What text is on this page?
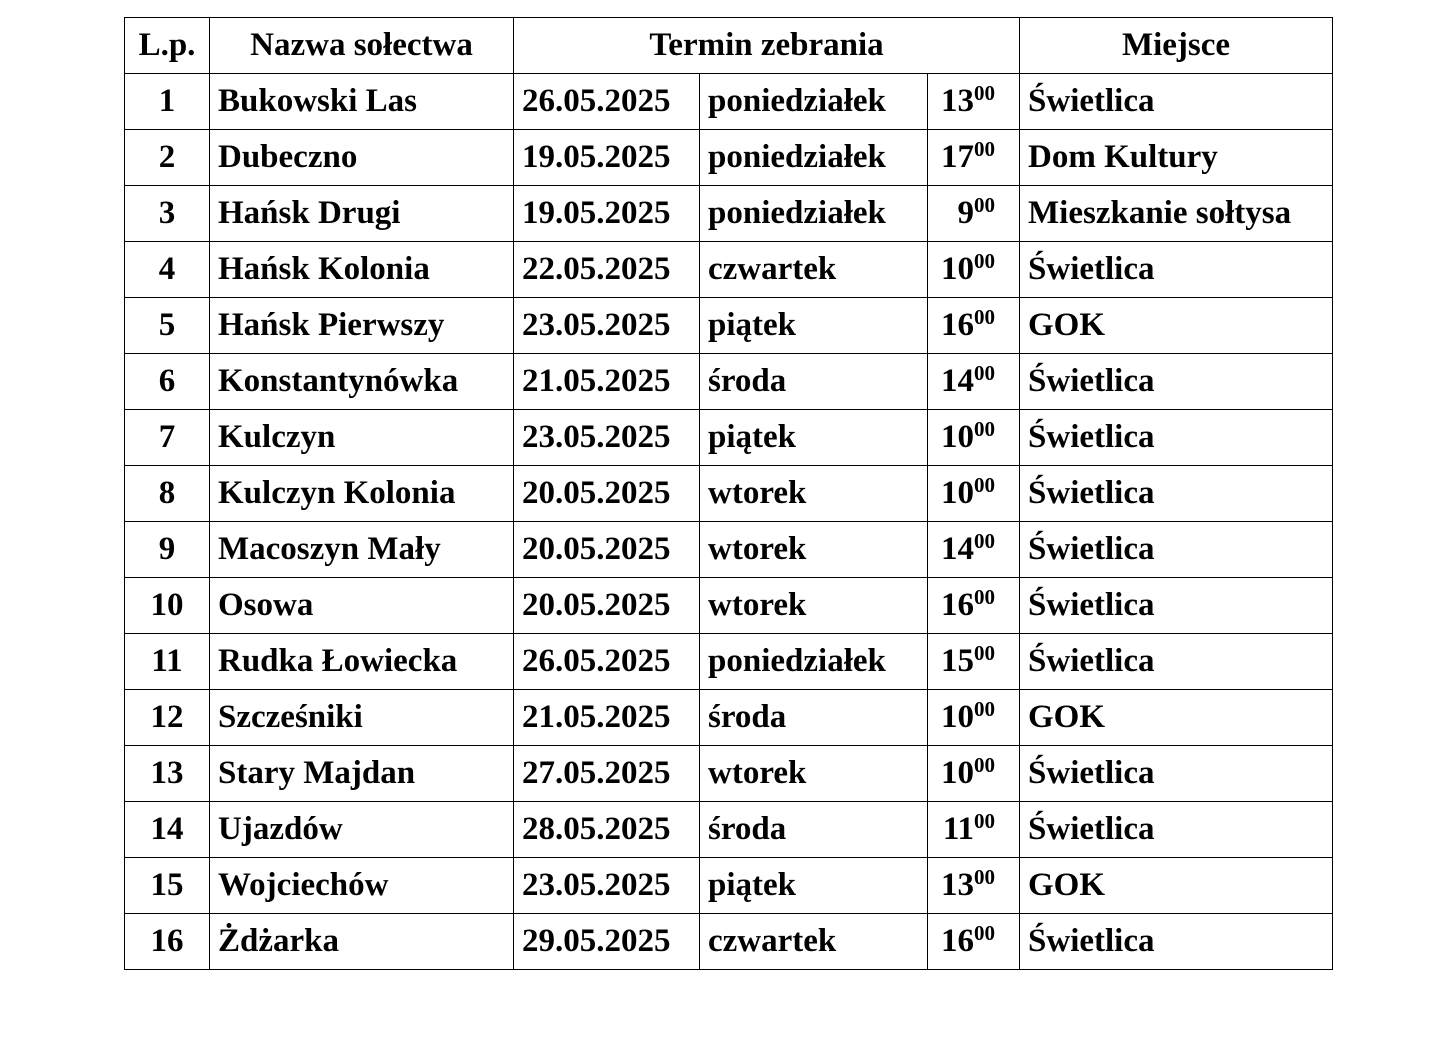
L.p.	Nazwa sołectwa	Termin zebrania			Miejsce
1	Bukowski Las	26.05.2025	poniedziałek	$13^{00}$	Świetlica
2	Dubeczno	19.05.2025	poniedziałek	$17^{00}$	Dom Kultury
3	Hańsk Drugi	19.05.2025	poniedziałek	$9^{00}$	Mieszkanie sołtysa
4	Hańsk Kolonia	22.05.2025	czwartek	$10^{00}$	Świetlica
5	Hańsk Pierwszy	23.05.2025	piątek	$16^{00}$	GOK
6	Konstantynówka	21.05.2025	środa	$14^{00}$	Świetlica
7	Kulczyn	23.05.2025	piątek	$10^{00}$	Świetlica
8	Kulczyn Kolonia	20.05.2025	wtorek	$10^{00}$	Świetlica
9	Macoszyn Mały	20.05.2025	wtorek	$14^{00}$	Świetlica
10	Osowa	20.05.2025	wtorek	$16^{00}$	Świetlica
11	Rudka Łowiecka	26.05.2025	poniedziałek	$15^{00}$	Świetlica
12	Szcześniki	21.05.2025	środa	$10^{00}$	GOK
13	Stary Majdan	27.05.2025	wtorek	$10^{00}$	Świetlica
14	Ujazdów	28.05.2025	środa	$11^{00}$	Świetlica
15	Wojciechów	23.05.2025	piątek	$13^{00}$	GOK
16	Żdżarka	29.05.2025	czwartek	$16^{00}$	Świetlica
